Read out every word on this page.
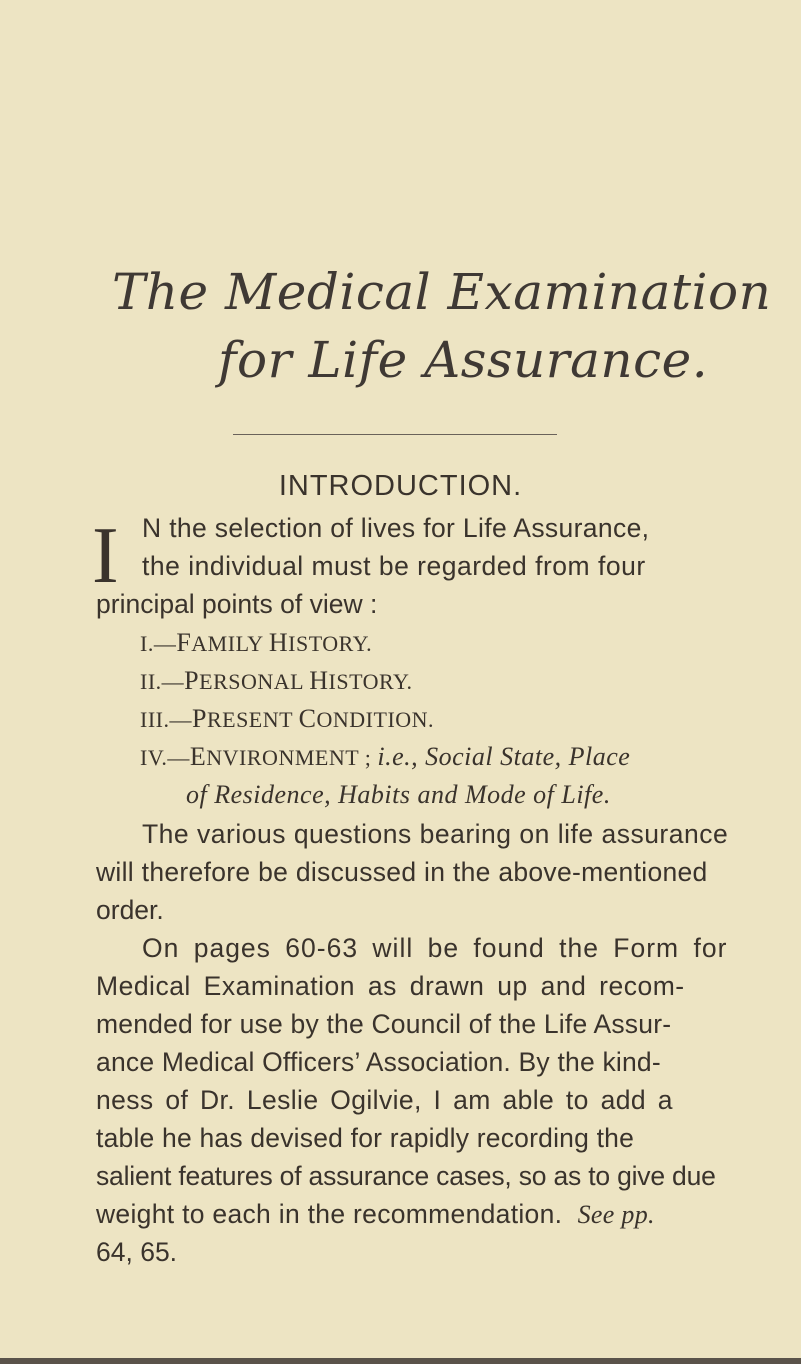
The Medical Examination
for Life Assurance.
INTRODUCTION.
I N the selection of lives for Life Assurance,
the individual must be regarded from four
principal points of view :
I.—FAMILY HISTORY.
II.—PERSONAL HISTORY.
III.—PRESENT CONDITION.
IV.—ENVIRONMENT ; i.e., Social State, Place
of Residence, Habits and Mode of Life.
The various questions bearing on life assurance
will therefore be discussed in the above-mentioned
order.
On pages 60-63 will be found the Form for
Medical Examination as drawn up and recom-
mended for use by the Council of the Life Assur-
ance Medical Officers’ Association. By the kind-
ness of Dr. Leslie Ogilvie, I am able to add a
table he has devised for rapidly recording the
salient features of assurance cases, so as to give due
weight to each in the recommendation. See pp.
64, 65.
